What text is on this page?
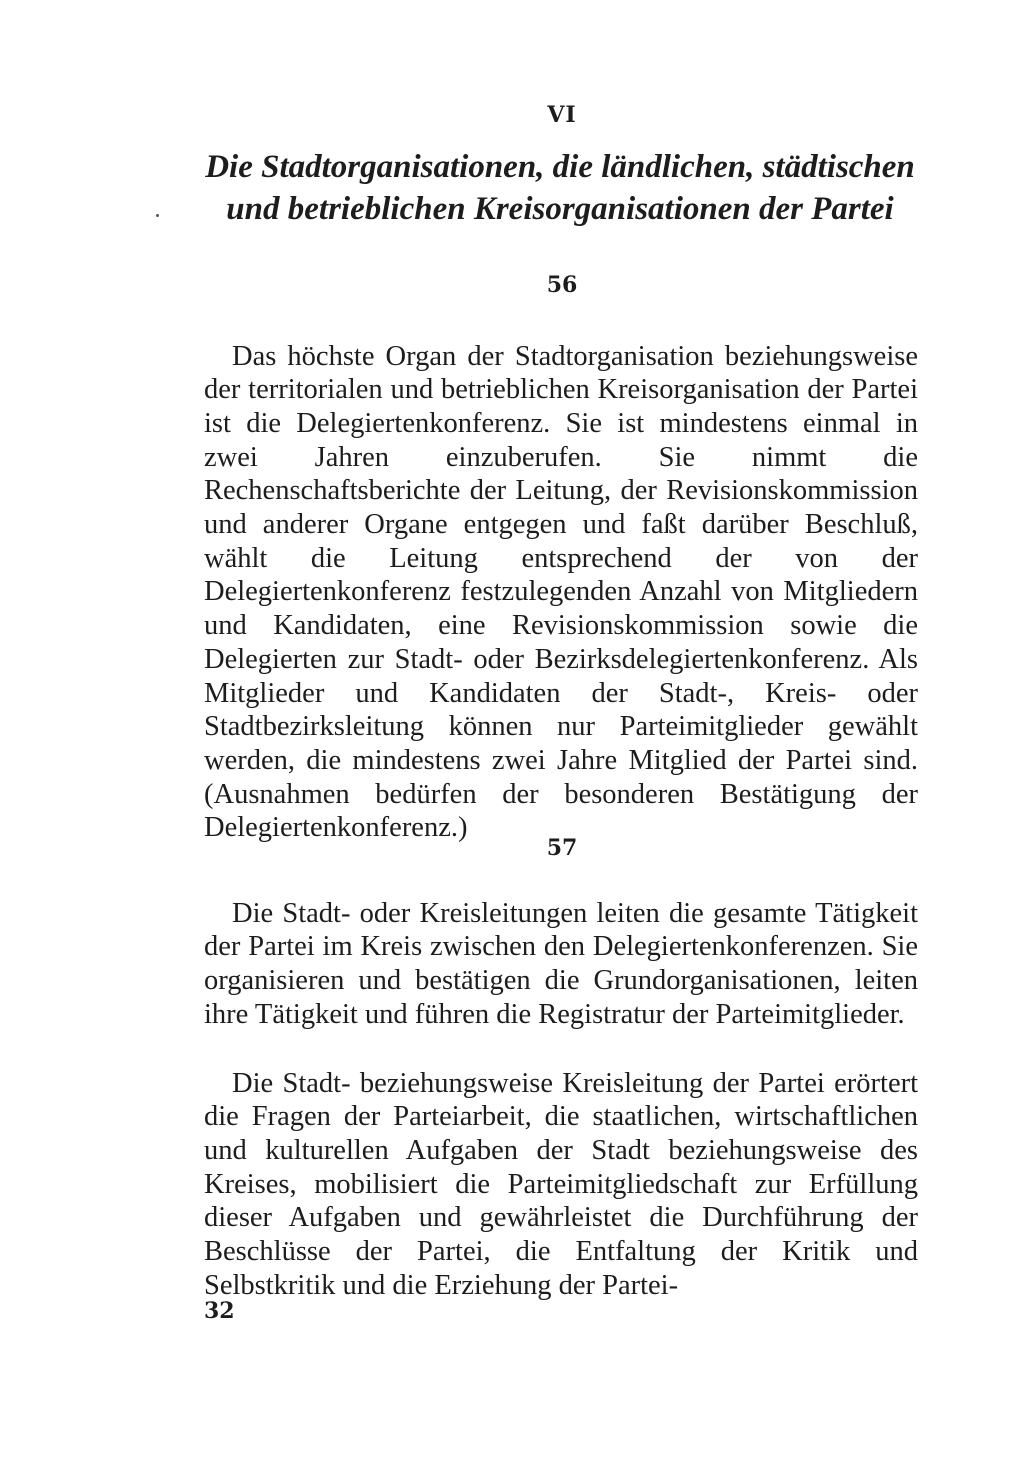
VI
Die Stadtorganisationen, die ländlichen, städtischen und betrieblichen Kreisorganisationen der Partei
56

Das höchste Organ der Stadtorganisation beziehungsweise der territorialen und betrieblichen Kreisorganisation der Partei ist die Delegiertenkonferenz. Sie ist mindestens einmal in zwei Jahren einzuberufen. Sie nimmt die Rechenschaftsberichte der Leitung, der Revisionskommission und anderer Organe entgegen und faßt darüber Beschluß, wählt die Leitung entsprechend der von der Delegiertenkonferenz festzulegenden Anzahl von Mitgliedern und Kandidaten, eine Revisionskommission sowie die Delegierten zur Stadt- oder Bezirksdelegiertenkonferenz. Als Mitglieder und Kandidaten der Stadt-, Kreis- oder Stadtbezirksleitung können nur Parteimitglieder gewählt werden, die mindestens zwei Jahre Mitglied der Partei sind. (Ausnahmen bedürfen der besonderen Bestätigung der Delegiertenkonferenz.)

57

Die Stadt- oder Kreisleitungen leiten die gesamte Tätigkeit der Partei im Kreis zwischen den Delegiertenkonferenzen. Sie organisieren und bestätigen die Grundorganisationen, leiten ihre Tätigkeit und führen die Registratur der Parteimitglieder.

Die Stadt- beziehungsweise Kreisleitung der Partei erörtert die Fragen der Parteiarbeit, die staatlichen, wirtschaftlichen und kulturellen Aufgaben der Stadt beziehungsweise des Kreises, mobilisiert die Parteimitgliedschaft zur Erfüllung dieser Aufgaben und gewährleistet die Durchführung der Beschlüsse der Partei, die Entfaltung der Kritik und Selbstkritik und die Erziehung der Partei-

32
